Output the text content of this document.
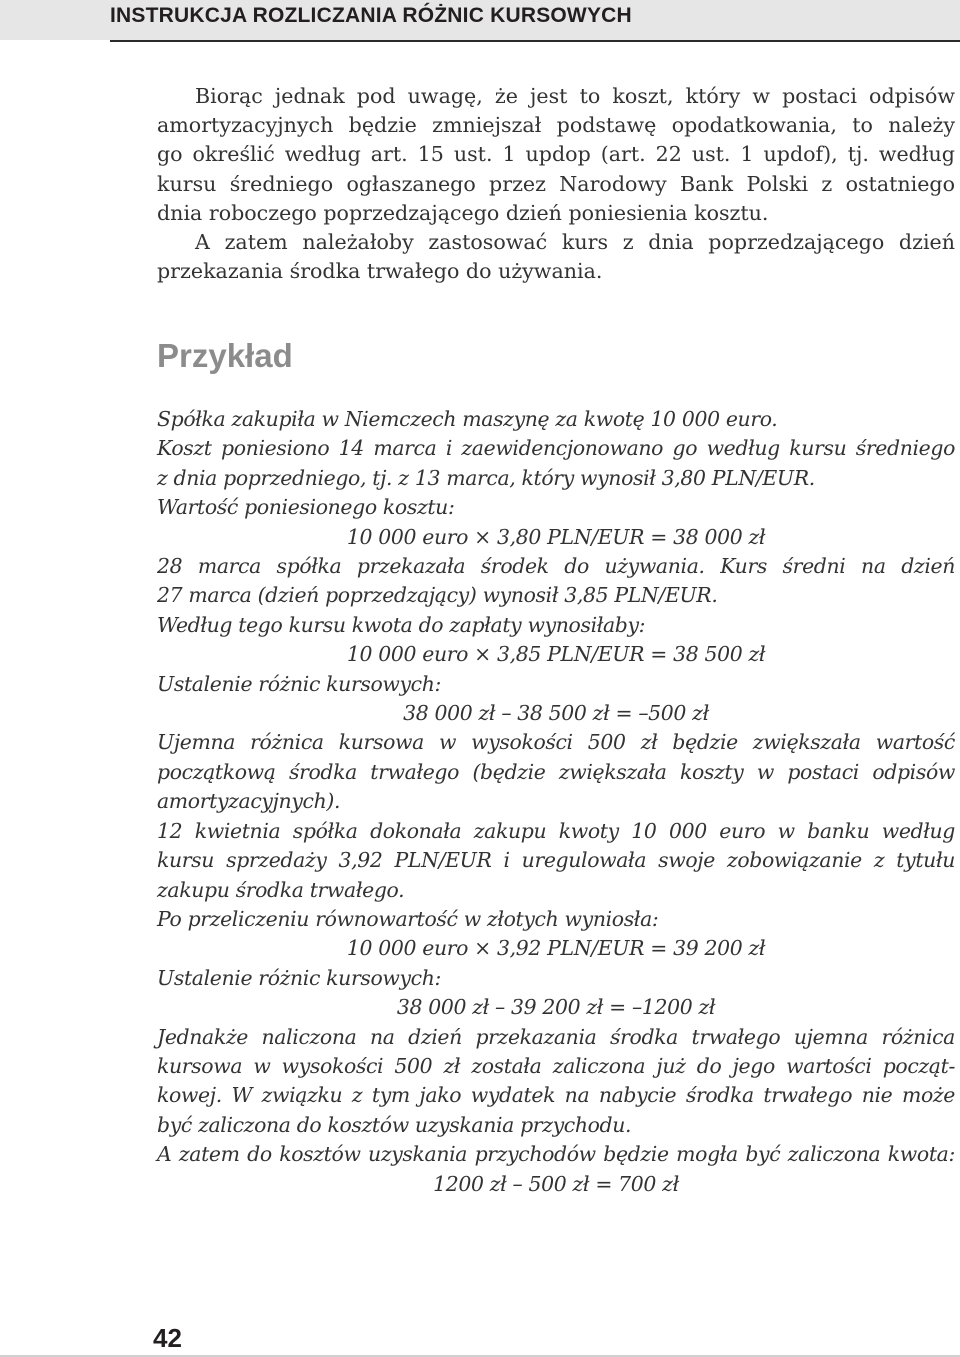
INSTRUKCJA ROZLICZANIA RÓŻNIC KURSOWYCH
Biorąc jednak pod uwagę, że jest to koszt, który w postaci odpisów
amortyzacyjnych będzie zmniejszał podstawę opodatkowania, to należy
go określić według art. 15 ust. 1 updop (art. 22 ust. 1 updof), tj. według
kursu średniego ogłaszanego przez Narodowy Bank Polski z ostatniego
dnia roboczego poprzedzającego dzień poniesienia kosztu.
A zatem należałoby zastosować kurs z dnia poprzedzającego dzień
przekazania środka trwałego do używania.
Przykład
Spółka zakupiła w Niemczech maszynę za kwotę 10 000 euro.
Koszt poniesiono 14 marca i zaewidencjonowano go według kursu średniego
z dnia poprzedniego, tj. z 13 marca, który wynosił 3,80 PLN/EUR.
Wartość poniesionego kosztu:
10 000 euro × 3,80 PLN/EUR = 38 000 zł
28 marca spółka przekazała środek do używania. Kurs średni na dzień
27 marca (dzień poprzedzający) wynosił 3,85 PLN/EUR.
Według tego kursu kwota do zapłaty wynosiłaby:
10 000 euro × 3,85 PLN/EUR = 38 500 zł
Ustalenie różnic kursowych:
38 000 zł – 38 500 zł = –500 zł
Ujemna różnica kursowa w wysokości 500 zł będzie zwiększała wartość
początkową środka trwałego (będzie zwiększała koszty w postaci odpisów
amortyzacyjnych).
12 kwietnia spółka dokonała zakupu kwoty 10 000 euro w banku według
kursu sprzedaży 3,92 PLN/EUR i uregulowała swoje zobowiązanie z tytułu
zakupu środka trwałego.
Po przeliczeniu równowartość w złotych wyniosła:
10 000 euro × 3,92 PLN/EUR = 39 200 zł
Ustalenie różnic kursowych:
38 000 zł – 39 200 zł = –1200 zł
Jednakże naliczona na dzień przekazania środka trwałego ujemna różnica
kursowa w wysokości 500 zł została zaliczona już do jego wartości począt-
kowej. W związku z tym jako wydatek na nabycie środka trwałego nie może
być zaliczona do kosztów uzyskania przychodu.
A zatem do kosztów uzyskania przychodów będzie mogła być zaliczona kwota:
1200 zł – 500 zł = 700 zł
42
